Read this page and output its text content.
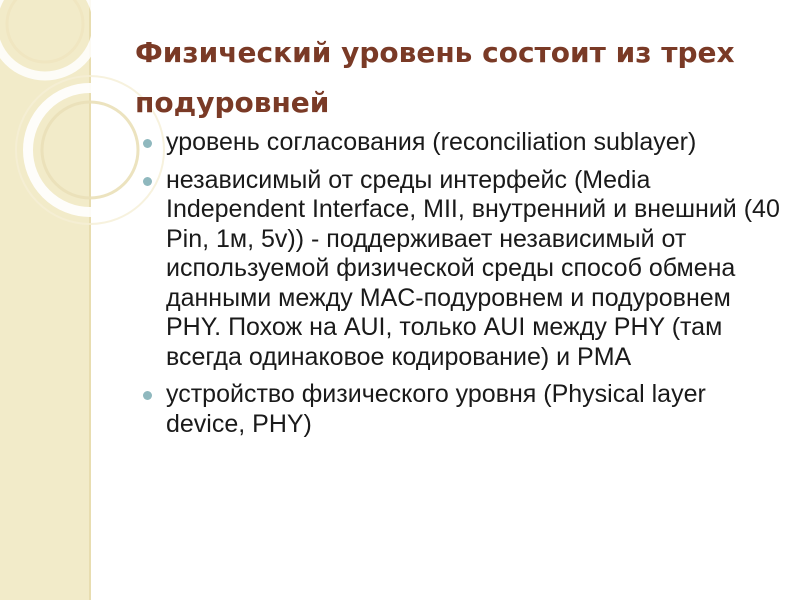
Физический уровень состоит из трех подуровней
уровень согласования (reconciliation sublayer)
независимый от среды интерфейс (Media Independent Interface, MII, внутренний и внешний (40 Pin, 1м, 5v)) - поддерживает независимый от используемой физической среды способ обмена данными между MAC-подуровнем и подуровнем PHY. Похож на AUI, только AUI между PHY (там всегда одинаковое кодирование) и PMA
устройство физического уровня (Physical layer device, PHY)
